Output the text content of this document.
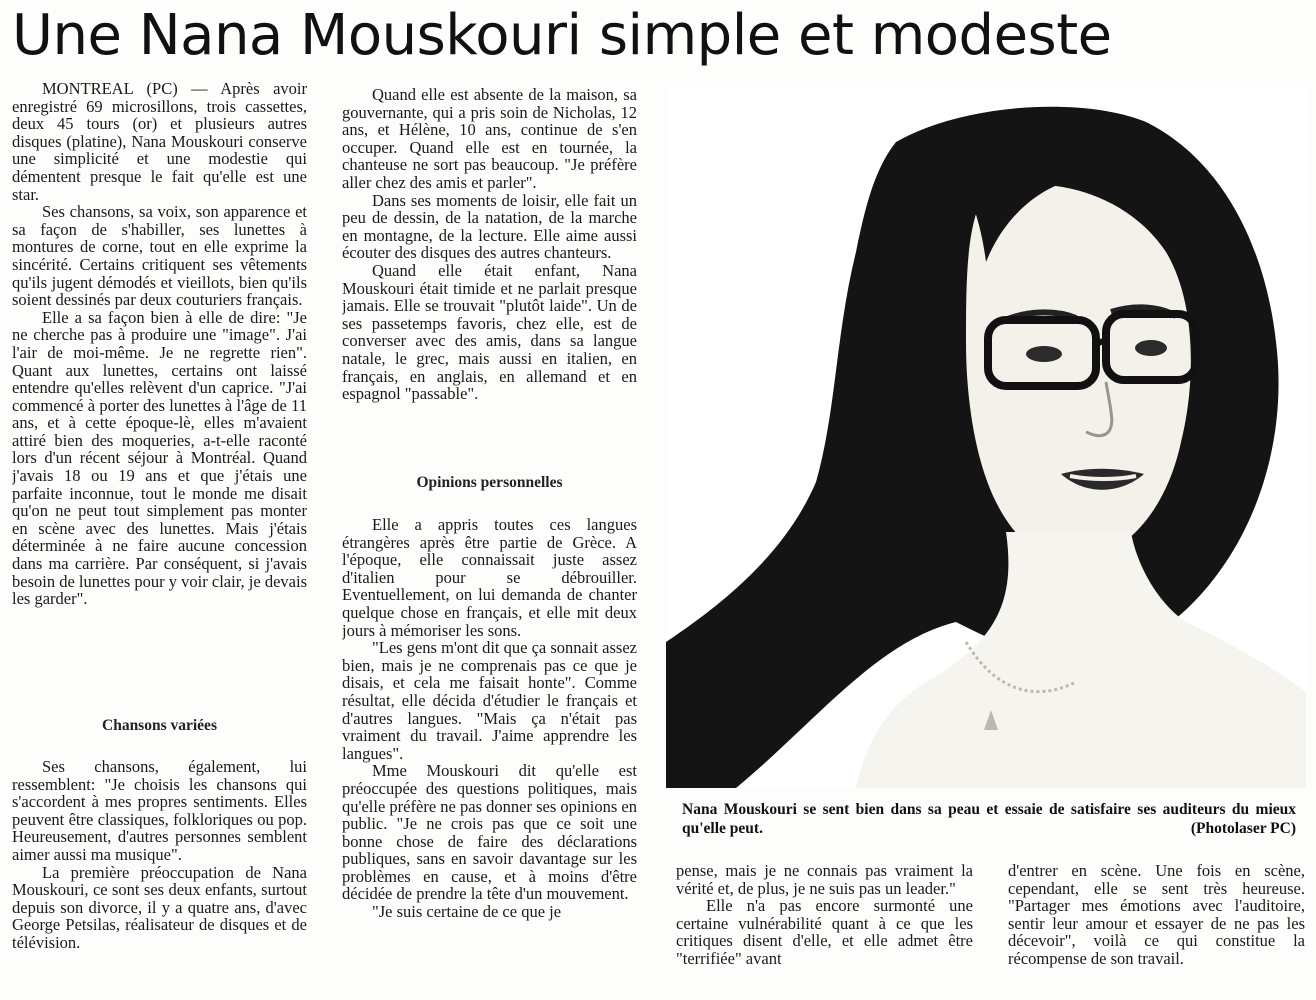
Une Nana Mouskouri simple et modeste

MONTREAL (PC) — Après avoir enregistré 69 microsillons, trois cassettes, deux 45 tours (or) et plusieurs autres disques (platine), Nana Mouskouri conserve une simplicité et une modestie qui démentent presque le fait qu'elle est une star.

Ses chansons, sa voix, son apparence et sa façon de s'habiller, ses lunettes à montures de corne, tout en elle exprime la sincérité. Certains critiquent ses vêtements qu'ils jugent démodés et vieillots, bien qu'ils soient dessinés par deux couturiers français.

Elle a sa façon bien à elle de dire: "Je ne cherche pas à produire une "image". J'ai l'air de moi-même. Je ne regrette rien". Quant aux lunettes, certains ont laissé entendre qu'elles relèvent d'un caprice. "J'ai commencé à porter des lunettes à l'âge de 11 ans, et à cette époque-lè, elles m'avaient attiré bien des moqueries, a-t-elle raconté lors d'un récent séjour à Montréal. Quand j'avais 18 ou 19 ans et que j'étais une parfaite inconnue, tout le monde me disait qu'on ne peut tout simplement pas monter en scène avec des lunettes. Mais j'étais déterminée à ne faire aucune concession dans ma carrière. Par conséquent, si j'avais besoin de lunettes pour y voir clair, je devais les garder".

Chansons variées

Ses chansons, également, lui ressemblent: "Je choisis les chansons qui s'accordent à mes propres sentiments. Elles peuvent être classiques, folkloriques ou pop. Heureusement, d'autres personnes semblent aimer aussi ma musique".

La première préoccupation de Nana Mouskouri, ce sont ses deux enfants, surtout depuis son divorce, il y a quatre ans, d'avec George Petsilas, réalisateur de disques et de télévision.

Quand elle est absente de la maison, sa gouvernante, qui a pris soin de Nicholas, 12 ans, et Hélène, 10 ans, continue de s'en occuper. Quand elle est en tournée, la chanteuse ne sort pas beaucoup. "Je préfère aller chez des amis et parler".

Dans ses moments de loisir, elle fait un peu de dessin, de la natation, de la marche en montagne, de la lecture. Elle aime aussi écouter des disques des autres chanteurs.

Quand elle était enfant, Nana Mouskouri était timide et ne parlait presque jamais. Elle se trouvait "plutôt laide". Un de ses passetemps favoris, chez elle, est de converser avec des amis, dans sa langue natale, le grec, mais aussi en italien, en français, en anglais, en allemand et en espagnol "passable".

Opinions personnelles

Elle a appris toutes ces langues étrangères après être partie de Grèce. A l'époque, elle connaissait juste assez d'italien pour se débrouiller. Eventuellement, on lui demanda de chanter quelque chose en français, et elle mit deux jours à mémoriser les sons.

"Les gens m'ont dit que ça sonnait assez bien, mais je ne comprenais pas ce que je disais, et cela me faisait honte". Comme résultat, elle décida d'étudier le français et d'autres langues. "Mais ça n'était pas vraiment du travail. J'aime apprendre les langues".

Mme Mouskouri dit qu'elle est préoccupée des questions politiques, mais qu'elle préfère ne pas donner ses opinions en public. "Je ne crois pas que ce soit une bonne chose de faire des déclarations publiques, sans en savoir davantage sur les problèmes en cause, et à moins d'être décidée de prendre la tête d'un mouvement.

"Je suis certaine de ce que je

Nana Mouskouri se sent bien dans sa peau et essaie de satisfaire ses auditeurs du mieux qu'elle peut.	(Photolaser PC)

pense, mais je ne connais pas vraiment la vérité et, de plus, je ne suis pas un leader."

Elle n'a pas encore surmonté une certaine vulnérabilité quant à ce que les critiques disent d'elle, et elle admet être "terrifiée" avant

d'entrer en scène. Une fois en scène, cependant, elle se sent très heureuse. "Partager mes émotions avec l'auditoire, sentir leur amour et essayer de ne pas les décevoir", voilà ce qui constitue la récompense de son travail.
